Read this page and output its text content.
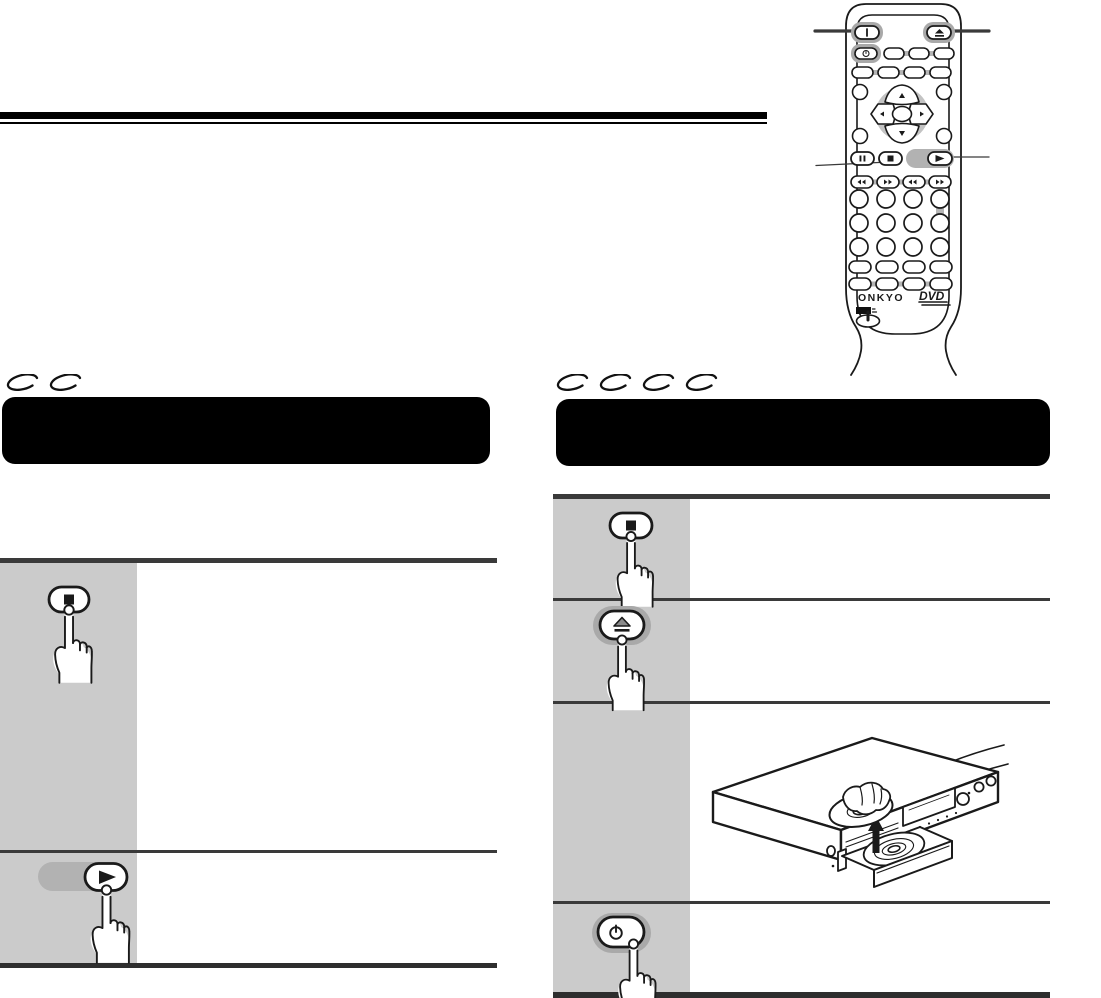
ONKYO DVD
